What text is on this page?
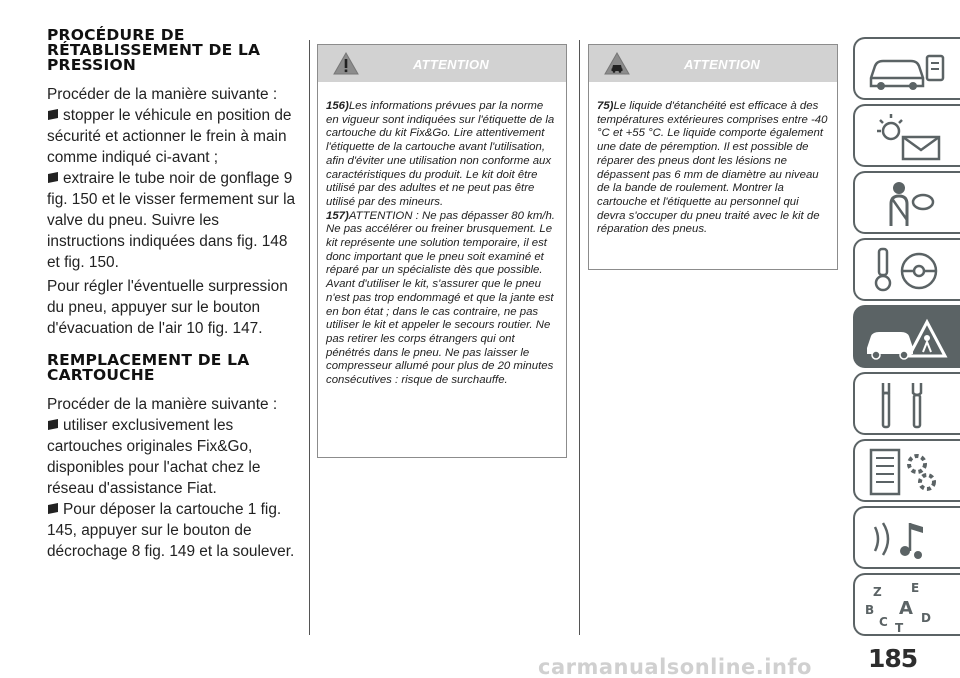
PROCÉDURE DE
RÉTABLISSEMENT DE LA
PRESSION

Procéder de la manière suivante :

stopper le véhicule en position de sécurité et actionner le frein à main comme indiqué ci-avant ;

extraire le tube noir de gonflage 9 fig. 150 et le visser fermement sur la valve du pneu. Suivre les instructions indiquées dans fig. 148 et fig. 150.

Pour régler l'éventuelle surpression du pneu, appuyer sur le bouton d'évacuation de l'air 10 fig. 147.

REMPLACEMENT DE LA
CARTOUCHE

Procéder de la manière suivante :

utiliser exclusivement les cartouches originales Fix&Go, disponibles pour l'achat chez le réseau d'assistance Fiat.

Pour déposer la cartouche 1 fig. 145, appuyer sur le bouton de décrochage 8 fig. 149 et la soulever.

ATTENTION

156)Les informations prévues par la norme en vigueur sont indiquées sur l'étiquette de la cartouche du kit Fix&Go. Lire attentivement l'étiquette de la cartouche avant l'utilisation, afin d'éviter une utilisation non conforme aux caractéristiques du produit. Le kit doit être utilisé par des adultes et ne peut pas être utilisé par des mineurs.

157)ATTENTION : Ne pas dépasser 80 km/h. Ne pas accélérer ou freiner brusquement. Le kit représente une solution temporaire, il est donc important que le pneu soit examiné et réparé par un spécialiste dès que possible. Avant d'utiliser le kit, s'assurer que le pneu n'est pas trop endommagé et que la jante est en bon état ; dans le cas contraire, ne pas utiliser le kit et appeler le secours routier. Ne pas retirer les corps étrangers qui ont pénétrés dans le pneu. Ne pas laisser le compresseur allumé pour plus de 20 minutes consécutives : risque de surchauffe.

ATTENTION

75)Le liquide d'étanchéité est efficace à des températures extérieures comprises entre -40 °C et +55 °C. Le liquide comporte également une date de péremption. Il est possible de réparer des pneus dont les lésions ne dépassent pas 6 mm de diamètre au niveau de la bande de roulement. Montrer la cartouche et l'étiquette au personnel qui devra s'occuper du pneu traité avec le kit de réparation des pneus.

Z E
B A
C T
D
185
carmanualsonline.info
